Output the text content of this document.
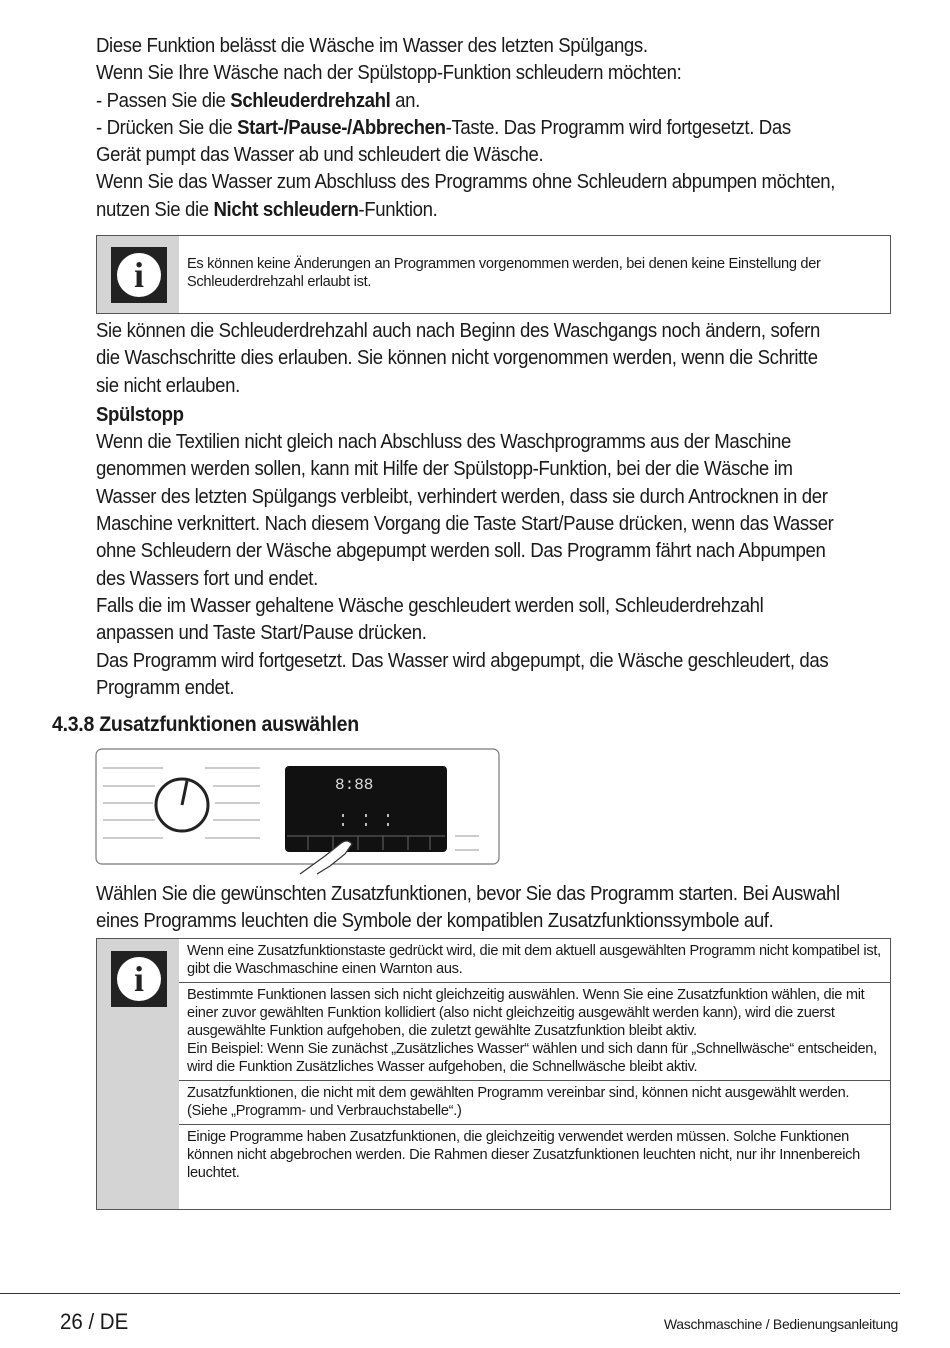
Diese Funktion belässt die Wäsche im Wasser des letzten Spülgangs.

Wenn Sie Ihre Wäsche nach der Spülstopp-Funktion schleudern möchten:

- Passen Sie die Schleuderdrehzahl an.

- Drücken Sie die Start-/Pause-/Abbrechen-Taste. Das Programm wird fortgesetzt. Das Gerät pumpt das Wasser ab und schleudert die Wäsche.

Wenn Sie das Wasser zum Abschluss des Programms ohne Schleudern abpumpen möchten, nutzen Sie die Nicht schleudern-Funktion.

i	Es können keine Änderungen an Programmen vorgenommen werden, bei denen keine Einstellung der Schleuderdrehzahl erlaubt ist.

Sie können die Schleuderdrehzahl auch nach Beginn des Waschgangs noch ändern, sofern die Waschschritte dies erlauben. Sie können nicht vorgenommen werden, wenn die Schritte sie nicht erlauben.

Spülstopp

Wenn die Textilien nicht gleich nach Abschluss des Waschprogramms aus der Maschine genommen werden sollen, kann mit Hilfe der Spülstopp-Funktion, bei der die Wäsche im Wasser des letzten Spülgangs verbleibt, verhindert werden, dass sie durch Antrocknen in der Maschine verknittert. Nach diesem Vorgang die Taste Start/Pause drücken, wenn das Wasser ohne Schleudern der Wäsche abgepumpt werden soll. Das Programm fährt nach Abpumpen des Wassers fort und endet.

Falls die im Wasser gehaltene Wäsche geschleudert werden soll, Schleuderdrehzahl anpassen und Taste Start/Pause drücken.

Das Programm wird fortgesetzt. Das Wasser wird abgepumpt, die Wäsche geschleudert, das Programm endet.

4.3.8 Zusatzfunktionen auswählen
8:88

Wählen Sie die gewünschten Zusatzfunktionen, bevor Sie das Programm starten. Bei Auswahl eines Programms leuchten die Symbole der kompatiblen Zusatzfunktionssymbole auf.

i
Wenn eine Zusatzfunktionstaste gedrückt wird, die mit dem aktuell ausgewählten Programm nicht kompatibel ist, gibt die Waschmaschine einen Warnton aus.
Bestimmte Funktionen lassen sich nicht gleichzeitig auswählen. Wenn Sie eine Zusatzfunktion wählen, die mit einer zuvor gewählten Funktion kollidiert (also nicht gleichzeitig ausgewählt werden kann), wird die zuerst ausgewählte Funktion aufgehoben, die zuletzt gewählte Zusatzfunktion bleibt aktiv.
Ein Beispiel: Wenn Sie zunächst „Zusätzliches Wasser“ wählen und sich dann für „Schnellwäsche“ entscheiden, wird die Funktion Zusätzliches Wasser aufgehoben, die Schnellwäsche bleibt aktiv.
Zusatzfunktionen, die nicht mit dem gewählten Programm vereinbar sind, können nicht ausgewählt werden. (Siehe „Programm- und Verbrauchstabelle“.)
Einige Programme haben Zusatzfunktionen, die gleichzeitig verwendet werden müssen. Solche Funktionen können nicht abgebrochen werden. Die Rahmen dieser Zusatzfunktionen leuchten nicht, nur ihr Innenbereich leuchtet.
26 / DE	Waschmaschine / Bedienungsanleitung
